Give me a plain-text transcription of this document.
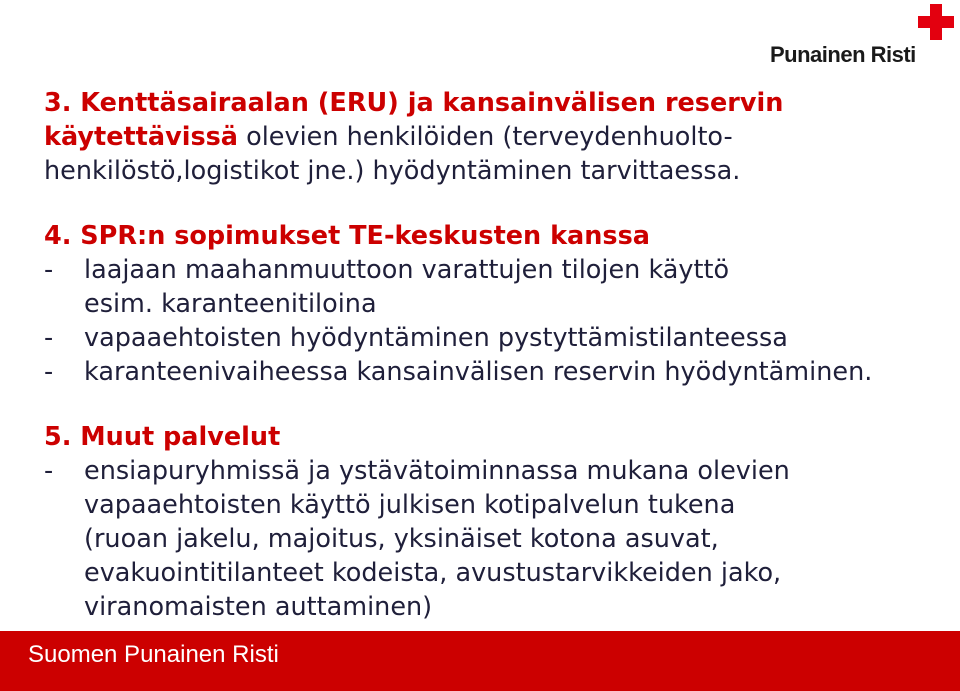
Punainen Risti
3. Kenttäsairaalan (ERU) ja kansainvälisen reservin
käytettävissä olevien henkilöiden (terveydenhuolto-
henkilöstö,logistikot jne.) hyödyntäminen tarvittaessa.
4. SPR:n sopimukset TE-keskusten kanssa
- laajaan maahanmuuttoon varattujen tilojen käyttö
esim. karanteenitiloina
- vapaaehtoisten hyödyntäminen pystyttämistilanteessa
- karanteenivaiheessa kansainvälisen reservin hyödyntäminen.
5. Muut palvelut
- ensiapuryhmissä ja ystävätoiminnassa mukana olevien
vapaaehtoisten käyttö julkisen kotipalvelun tukena
(ruoan jakelu, majoitus, yksinäiset kotona asuvat,
evakuointitilanteet kodeista, avustustarvikkeiden jako,
viranomaisten auttaminen)
Suomen Punainen Risti
